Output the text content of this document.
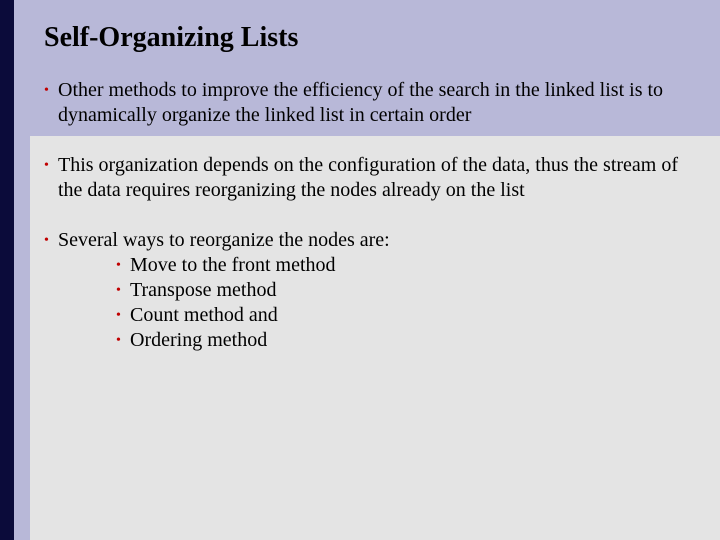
Self-Organizing Lists
• Other methods to improve the efficiency of the search in the linked list is to dynamically organize the linked list in certain order
• This organization depends on the configuration of the data, thus the stream of the data requires reorganizing the nodes already on the list
• Several ways to reorganize the nodes are:
• Move to the front method
• Transpose method
• Count method and
• Ordering method
